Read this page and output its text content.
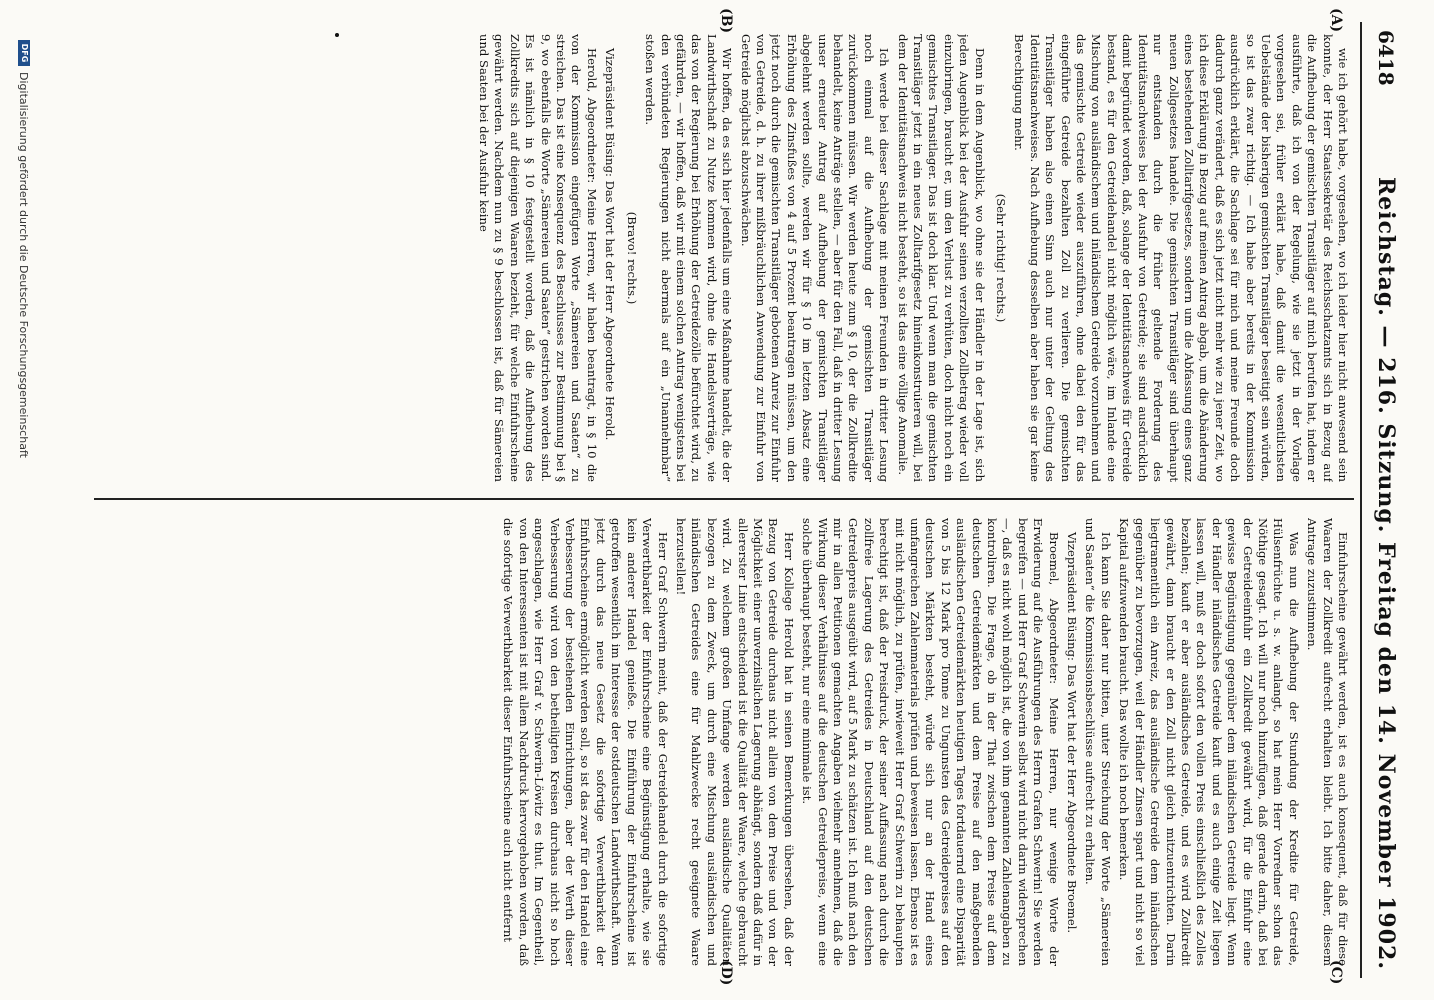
6418
Reichstag. — 216. Sitzung. Freitag den 14. November 1902.
(A)
(B)
(C)
(D)

wie ich gehört habe, vorgesehen, wo ich leider hier nicht anwesend sein konnte, der Herr Staatssekretär des Reichsschatzamts sich in Bezug auf die Aufhebung der gemischten Transitläger auf mich berufen hat, indem er ausführte, daß ich von der Regelung, wie sie jetzt in der Vorlage vorgesehen sei, früher erklärt habe, daß damit die wesentlichsten Uebelstände der bisherigen gemischten Transitläger beseitigt sein würden, so ist das zwar richtig. — Ich habe aber bereits in der Kommission ausdrücklich erklärt, die Sachlage sei für mich und meine Freunde doch dadurch ganz verändert, daß es sich jetzt nicht mehr wie zu jener Zeit, wo ich diese Erklärung in Bezug auf meinen Antrag abgab, um die Abänderung eines bestehenden Zolltarifgesetzes, sondern um die Abfassung eines ganz neuen Zollgesetzes handele. Die gemischten Transitläger sind überhaupt nur entstanden durch die früher geltende Forderung des Identitätsnachweises bei der Ausfuhr von Getreide; sie sind ausdrücklich damit begründet worden, daß, solange der Identitätsnachweis für Getreide bestand, es für den Getreidehandel nicht möglich wäre, im Inlande eine Mischung von ausländischem und inländischem Getreide vorzunehmen und das gemischte Getreide wieder auszuführen, ohne dabei den für das eingeführte Getreide bezahlten Zoll zu verlieren. Die gemischten Transitläger haben also einen Sinn auch nur unter der Geltung des Identitätsnachweises. Nach Aufhebung desselben aber haben sie gar keine Berechtigung mehr.

(Sehr richtig! rechts.)

Denn in dem Augenblick, wo ohne sie der Händler in der Lage ist, sich jeden Augenblick bei der Ausfuhr seinen verzollten Zollbetrag wieder voll einzubringen, braucht er, um den Verlust zu verhüten, doch nicht noch ein gemischtes Transitlager. Das ist doch klar. Und wenn man die gemischten Transitläger jetzt in ein neues Zolltarifgesetz hineinkonstruieren will, bei dem der Identitätsnachweis nicht besteht, so ist das eine völlige Anomalie.

Ich werde bei dieser Sachlage mit meinen Freunden in dritter Lesung noch einmal auf die Aufhebung der gemischten Transitläger zurückkommen müssen. Wir werden heute zum § 10, der die Zollkredite behandelt, keine Anträge stellen, — aber für den Fall, daß in dritter Lesung unser erneuter Antrag auf Aufhebung der gemischten Transitläger abgelehnt werden sollte, werden wir für § 10 im letzten Absatz eine Erhöhung des Zinsfußes von 4 auf 5 Prozent beantragen müssen, um den jetzt noch durch die gemischten Transitläger gebotenen Anreiz zur Einfuhr von Getreide, d. h. zu ihrer mißbräuchlichen Anwendung zur Einfuhr von Getreide möglichst abzuschwächen.

Wir hoffen, da es sich hier jedenfalls um eine Maßnahme handelt, die der Landwirthschaft zu Nutze kommen wird, ohne die Handelsverträge, wie das von der Regierung bei Erhöhung der Getreidezölle befürchtet wird, zu gefährden, — wir hoffen, daß wir mit einem solchen Antrag wenigstens bei den verbündeten Regierungen nicht abermals auf ein „Unannehmbar“ stoßen werden.

(Bravo! rechts.)

Vizepräsident Büsing: Das Wort hat der Herr Abgeordnete Herold.

Herold, Abgeordneter: Meine Herren, wir haben beantragt, in § 10 die von der Kommission eingefügten Worte „Sämereien und Saaten“ zu streichen. Das ist eine Konsequenz des Beschlusses zur Bestimmung bei § 9, wo ebenfalls die Worte „Sämereien und Saaten“ gestrichen worden sind. Es ist nämlich in § 10 festgestellt worden, daß die Aufhebung des Zollkredits sich auf diejenigen Waaren bezieht, für welche Einfuhrscheine gewährt werden. Nachdem nun zu § 9 beschlossen ist, daß für Sämereien und Saaten bei der Ausfuhr keine

Einfuhrscheine gewährt werden, ist es auch konsequent, daß für diese Waaren der Zollkredit aufrecht erhalten bleibt. Ich bitte daher, diesem Antrage zuzustimmen.

Was nun die Aufhebung der Stundung der Kredite für Getreide, Hülsenfrüchte u. s. w. anlangt, so hat mein Herr Vorredner schon das Nöthige gesagt. Ich will nur noch hinzufügen, daß gerade darin, daß bei der Getreideeinfuhr ein Zollkredit gewährt wird, für die Einfuhr eine gewisse Begünstigung gegenüber dem inländischen Getreide liegt. Wenn der Händler inländisches Getreide kauft und es auch einige Zeit liegen lassen will, muß er doch sofort den vollen Preis einschließlich des Zolles bezahlen; kauft er aber ausländisches Getreide, und es wird Zollkredit gewährt, dann braucht er den Zoll nicht gleich mitzuentrichten. Darin liegtramentlich ein Anreiz, das ausländische Getreide dem inländischen gegenüber zu bevorzugen, weil der Händler Zinsen spart und nicht so viel Kapital aufzuwenden braucht. Das wollte ich noch bemerken.

Ich kann Sie daher nur bitten, unter Streichung der Worte „Sämereien und Saaten“ die Kommissionsbeschlüsse aufrecht zu erhalten.

Vizepräsident Büsing: Das Wort hat der Herr Abgeordnete Broemel.

Broemel, Abgeordneter: Meine Herren, nur wenige Worte der Erwiderung auf die Ausführungen des Herrn Grafen Schwerin! Sie werden begreifen — und Herr Graf Schwerin selbst wird nicht darin widersprechen —, daß es nicht wohl möglich ist, die von ihm genannten Zahlenangaben zu kontroliren. Die Frage, ob in der That zwischen dem Preise auf dem deutschen Getreidemärkten und dem Preise auf den maßgebenden ausländischen Getreidemärkten heutigen Tages fortdauernd eine Disparität von 5 bis 12 Mark pro Tonne zu Ungunsten des Getreidepreises auf den deutschen Märkten besteht, würde sich nur an der Hand eines umfangreichen Zahlenmaterials prüfen und beweisen lassen. Ebenso ist es mit nicht möglich, zu prüfen, inwieweit Herr Graf Schwerin zu behaupten berechtigt ist, daß der Preisdruck, der seiner Auffassung nach durch die zollfreie Lagerung des Getreides in Deutschland auf den deutschen Getreidepreis ausgeübt wird, auf 5 Mark zu schätzen ist. Ich muß nach den mir in allen Petitionen gemachten Angaben vielmehr annehmen, daß die Wirkung dieser Verhältnisse auf die deutschen Getreidepreise, wenn eine solche überhaupt besteht, nur eine minimale ist.

Herr Kollege Herold hat in seinen Bemerkungen übersehen, daß der Bezug von Getreide durchaus nicht allein von dem Preise und von der Möglichkeit einer unverzinslichen Lagerung abhängt, sondern daß dafür in allererster Linie entscheidend ist die Qualität der Waare, welche gebraucht wird. Zu welchem großen Umfange werden ausländische Qualitäten bezogen zu dem Zweck, um durch eine Mischung ausländischen und inländischen Getreides eine für Mahlzwecke recht geeignete Waare herzustellen!

Herr Graf Schwerin meint, daß der Getreidehandel durch die sofortige Verwerthbarkeit der Einfuhrscheine eine Begünstigung erhalte, wie sie kein anderer Handel genieße. Die Einführung der Einfuhrscheine ist getroffen wesentlich im Interesse der ostdeutschen Landwirthschaft. Wenn jetzt durch das neue Gesetz die sofortige Verwerthbarkeit der Einfuhrscheine ermöglicht werden soll, so ist das zwar für den Handel eine Verbesserung der bestehenden Einrichtungen, aber der Werth dieser Verbesserung wird von den betheiligten Kreisen durchaus nicht so hoch angeschlagen, wie Herr Graf v. Schwerin-Löwitz es thut. Im Gegentheil, von den Interessenten ist mit allem Nachdruck hervorgehoben worden, daß die sofortige Verwerthbarkeit dieser Einfuhrscheine auch nicht entfernt

DFG
Digitalisierung gefördert durch die Deutsche Forschungsgemeinschaft
